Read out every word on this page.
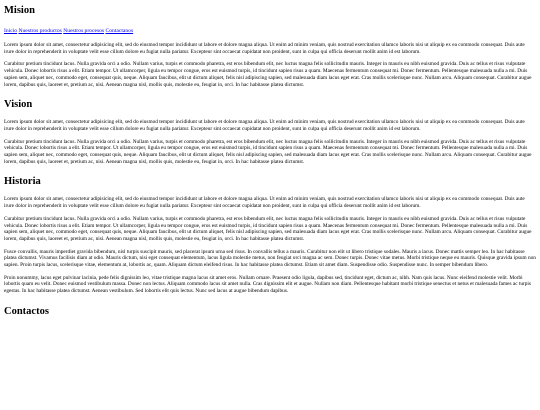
Mision
Inicio Nuestros productos Nuestros procesos Contactanos

Lorem ipsum dolor sit amet, consectetur adipisicing elit, sed do eiusmod tempor incididunt ut labore et dolore magna aliqua. Ut enim ad minim veniam, quis nostrud exercitation ullamco laboris nisi ut aliquip ex ea commodo consequat. Duis aute irure dolor in reprehenderit in voluptate velit esse cillum dolore eu fugiat nulla pariatur. Excepteur sint occaecat cupidatat non proident, sunt in culpa qui officia deserunt mollit anim id est laborum.

Curabitur pretium tincidunt lacus. Nulla gravida orci a odio. Nullam varius, turpis et commodo pharetra, est eros bibendum elit, nec luctus magna felis sollicitudin mauris. Integer in mauris eu nibh euismod gravida. Duis ac tellus et risus vulputate vehicula. Donec lobortis risus a elit. Etiam tempor. Ut ullamcorper, ligula eu tempor congue, eros est euismod turpis, id tincidunt sapien risus a quam. Maecenas fermentum consequat mi. Donec fermentum. Pellentesque malesuada nulla a mi. Duis sapien sem, aliquet nec, commodo eget, consequat quis, neque. Aliquam faucibus, elit ut dictum aliquet, felis nisl adipiscing sapien, sed malesuada diam lacus eget erat. Cras mollis scelerisque nunc. Nullam arcu. Aliquam consequat. Curabitur augue lorem, dapibus quis, laoreet et, pretium ac, nisi. Aenean magna nisl, mollis quis, molestie eu, feugiat in, orci. In hac habitasse platea dictumst.

Vision

Lorem ipsum dolor sit amet, consectetur adipisicing elit, sed do eiusmod tempor incididunt ut labore et dolore magna aliqua. Ut enim ad minim veniam, quis nostrud exercitation ullamco laboris nisi ut aliquip ex ea commodo consequat. Duis aute irure dolor in reprehenderit in voluptate velit esse cillum dolore eu fugiat nulla pariatur. Excepteur sint occaecat cupidatat non proident, sunt in culpa qui officia deserunt mollit anim id est laborum.

Curabitur pretium tincidunt lacus. Nulla gravida orci a odio. Nullam varius, turpis et commodo pharetra, est eros bibendum elit, nec luctus magna felis sollicitudin mauris. Integer in mauris eu nibh euismod gravida. Duis ac tellus et risus vulputate vehicula. Donec lobortis risus a elit. Etiam tempor. Ut ullamcorper, ligula eu tempor congue, eros est euismod turpis, id tincidunt sapien risus a quam. Maecenas fermentum consequat mi. Donec fermentum. Pellentesque malesuada nulla a mi. Duis sapien sem, aliquet nec, commodo eget, consequat quis, neque. Aliquam faucibus, elit ut dictum aliquet, felis nisl adipiscing sapien, sed malesuada diam lacus eget erat. Cras mollis scelerisque nunc. Nullam arcu. Aliquam consequat. Curabitur augue lorem, dapibus quis, laoreet et, pretium ac, nisi. Aenean magna nisl, mollis quis, molestie eu, feugiat in, orci. In hac habitasse platea dictumst.

Historia

Lorem ipsum dolor sit amet, consectetur adipisicing elit, sed do eiusmod tempor incididunt ut labore et dolore magna aliqua. Ut enim ad minim veniam, quis nostrud exercitation ullamco laboris nisi ut aliquip ex ea commodo consequat. Duis aute irure dolor in reprehenderit in voluptate velit esse cillum dolore eu fugiat nulla pariatur. Excepteur sint occaecat cupidatat non proident, sunt in culpa qui officia deserunt mollit anim id est laborum.

Curabitur pretium tincidunt lacus. Nulla gravida orci a odio. Nullam varius, turpis et commodo pharetra, est eros bibendum elit, nec luctus magna felis sollicitudin mauris. Integer in mauris eu nibh euismod gravida. Duis ac tellus et risus vulputate vehicula. Donec lobortis risus a elit. Etiam tempor. Ut ullamcorper, ligula eu tempor congue, eros est euismod turpis, id tincidunt sapien risus a quam. Maecenas fermentum consequat mi. Donec fermentum. Pellentesque malesuada nulla a mi. Duis sapien sem, aliquet nec, commodo eget, consequat quis, neque. Aliquam faucibus, elit ut dictum aliquet, felis nisl adipiscing sapien, sed malesuada diam lacus eget erat. Cras mollis scelerisque nunc. Nullam arcu. Aliquam consequat. Curabitur augue lorem, dapibus quis, laoreet et, pretium ac, nisi. Aenean magna nisl, mollis quis, molestie eu, feugiat in, orci. In hac habitasse platea dictumst.

Fusce convallis, mauris imperdiet gravida bibendum, nisl turpis suscipit mauris, sed placerat ipsum urna sed risus. In convallis tellus a mauris. Curabitur non elit ut libero tristique sodales. Mauris a lacus. Donec mattis semper leo. In hac habitasse platea dictumst. Vivamus facilisis diam at odio. Mauris dictum, nisi eget consequat elementum, lacus ligula molestie metus, non feugiat orci magna ac sem. Donec turpis. Donec vitae metus. Morbi tristique neque eu mauris. Quisque gravida ipsum non sapien. Proin turpis lacus, scelerisque vitae, elementum at, lobortis ac, quam. Aliquam dictum eleifend risus. In hac habitasse platea dictumst. Etiam sit amet diam. Suspendisse odio. Suspendisse nunc. In semper bibendum libero.

Proin nonummy, lacus eget pulvinar lacinia, pede felis dignissim leo, vitae tristique magna lacus sit amet eros. Nullam ornare. Praesent odio ligula, dapibus sed, tincidunt eget, dictum ac, nibh. Nam quis lacus. Nunc eleifend molestie velit. Morbi lobortis quam eu velit. Donec euismod vestibulum massa. Donec non lectus. Aliquam commodo lacus sit amet nulla. Cras dignissim elit et augue. Nullam non diam. Pellentesque habitant morbi tristique senectus et netus et malesuada fames ac turpis egestas. In hac habitasse platea dictumst. Aenean vestibulum. Sed lobortis elit quis lectus. Nunc sed lacus at augue bibendum dapibus.

Contactos
